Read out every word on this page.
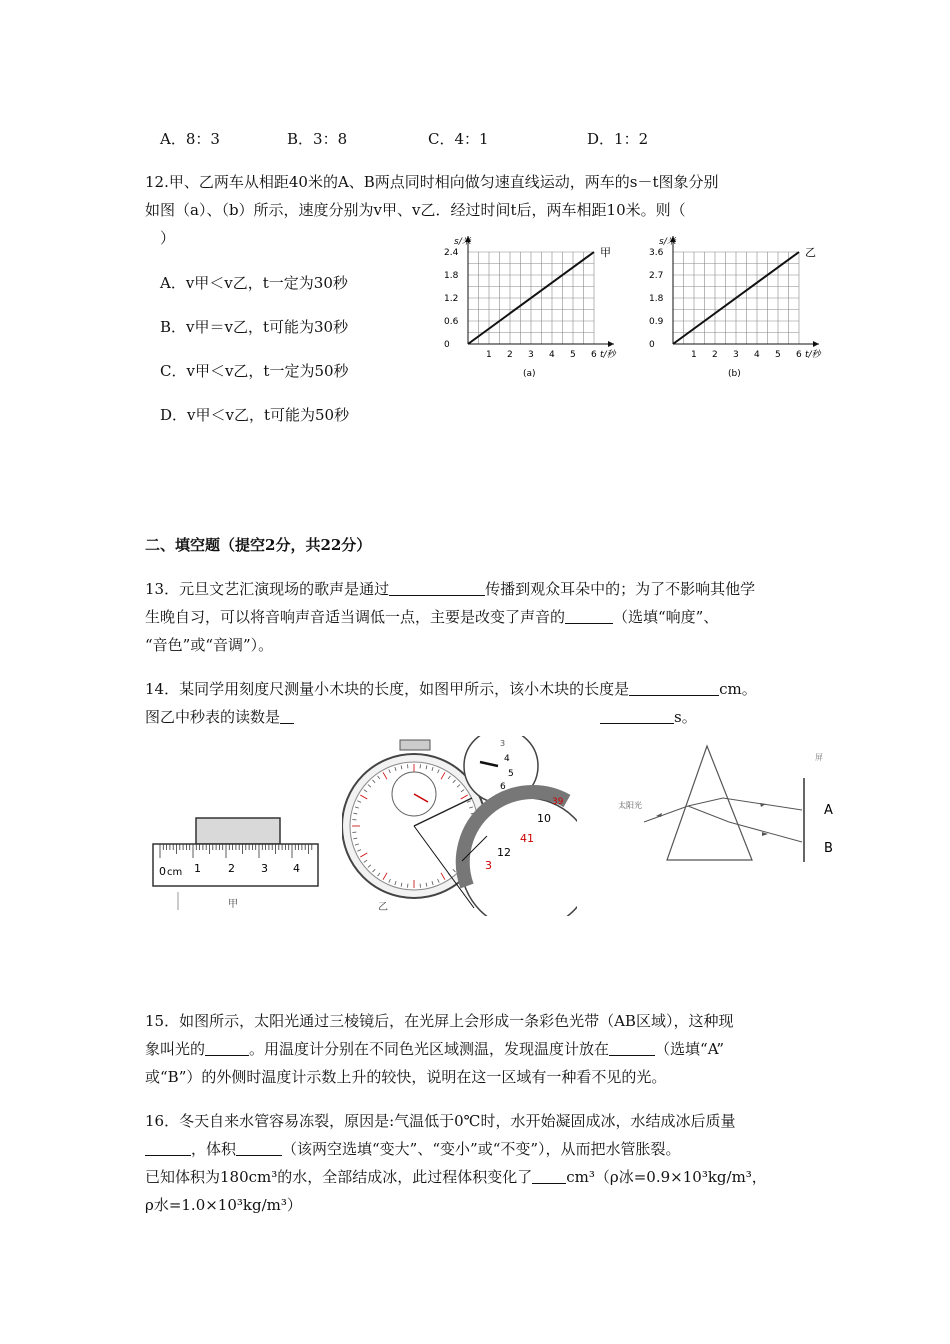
A．8：3	B．3：8	C．4：1	D．1：2
12.甲、乙两车从相距40米的A、B两点同时相向做匀速直线运动，两车的s－t图象分别
如图（a）、（b）所示，速度分别为v甲、v乙．经过时间t后，两车相距10米。则（
）
A．v甲＜v乙，t一定为30秒
B．v甲＝v乙，t可能为30秒
C．v甲＜v乙，t一定为50秒
D．v甲＜v乙，t可能为50秒
1 2 3 4 5 6
0
0.6
1.2
1.8
2.4
s/米
t/秒
(a)
甲
1 2 3 4 5 6
0
0.9
1.8
2.7
3.6
s/米
t/秒
(b)
乙
二、填空题（提空2分，共22分）
13．元旦文艺汇演现场的歌声是通过	传播到观众耳朵中的；为了不影响其他学
生晚自习，可以将音响声音适当调低一点，主要是改变了声音的	（选填“响度”、
“音色”或“音调”）。
14．某同学用刻度尺测量小木块的长度，如图甲所示，该小木块的长度是	cm。
图乙中秒表的读数是	s。
0 cm 1 2 3 4
甲
3
4
5
6
10
12
39
41
3
乙
屏
太阳光	A
B
15．如图所示，太阳光通过三棱镜后，在光屏上会形成一条彩色光带（AB区域），这种现
象叫光的	。用温度计分别在不同色光区域测温，发现温度计放在	（选填“A”
或“B”）的外侧时温度计示数上升的较快，说明在这一区域有一种看不见的光。
16．冬天自来水管容易冻裂，原因是:气温低于0℃时，水开始凝固成冰，水结成冰后质量
，体积	（该两空选填“变大”、“变小”或“不变”），从而把水管胀裂。
已知体积为180cm³的水，全部结成冰，此过程体积变化了 cm³（ρ冰=0.9×10³kg/m³，
ρ水=1.0×10³kg/m³）
